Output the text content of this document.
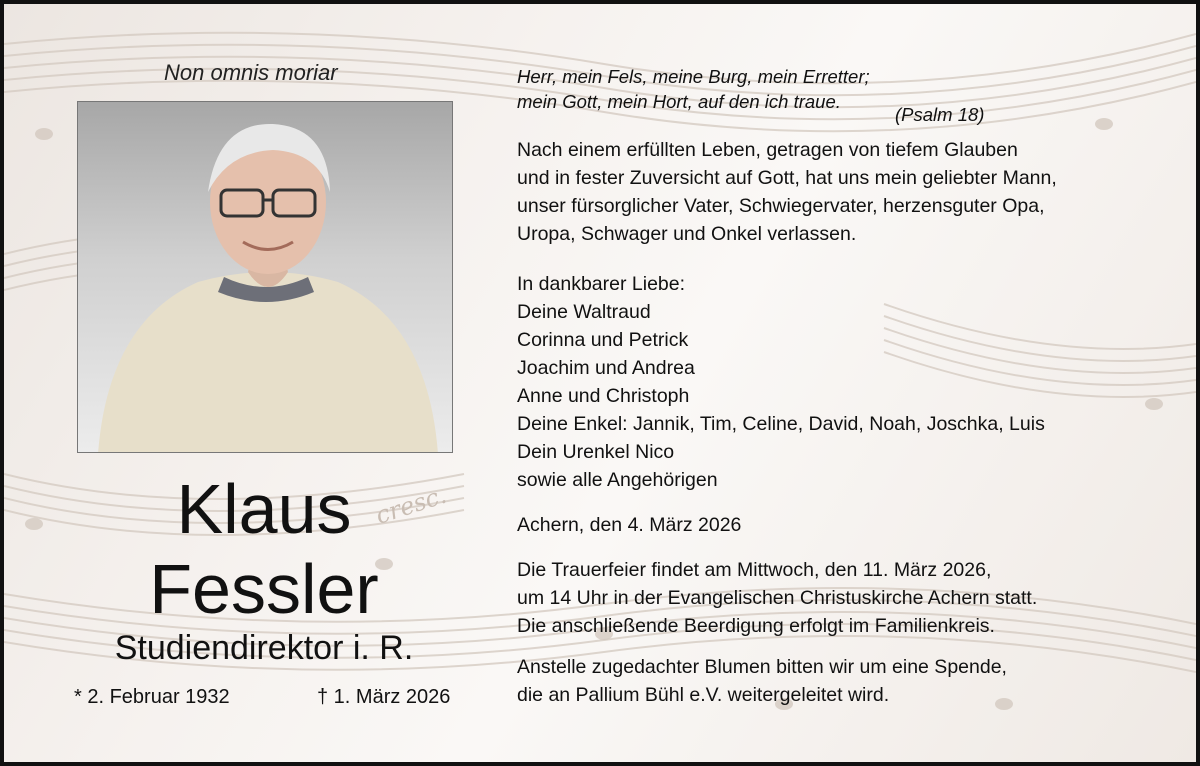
cresc.
Non omnis moriar
Klaus
Fessler
Studiendirektor i. R.
* 2. Februar 1932	† 1. März 2026
Herr, mein Fels, meine Burg, mein Erretter;
mein Gott, mein Hort, auf den ich traue.
(Psalm 18)
Nach einem erfüllten Leben, getragen von tiefem Glauben
und in fester Zuversicht auf Gott, hat uns mein geliebter Mann,
unser fürsorglicher Vater, Schwiegervater, herzensguter Opa,
Uropa, Schwager und Onkel verlassen.
In dankbarer Liebe:
Deine Waltraud
Corinna und Petrick
Joachim und Andrea
Anne und Christoph
Deine Enkel: Jannik, Tim, Celine, David, Noah, Joschka, Luis
Dein Urenkel Nico
sowie alle Angehörigen
Achern, den 4. März 2026
Die Trauerfeier findet am Mittwoch, den 11. März 2026,
um 14 Uhr in der Evangelischen Christuskirche Achern statt.
Die anschließende Beerdigung erfolgt im Familienkreis.
Anstelle zugedachter Blumen bitten wir um eine Spende,
die an Pallium Bühl e.V. weitergeleitet wird.
